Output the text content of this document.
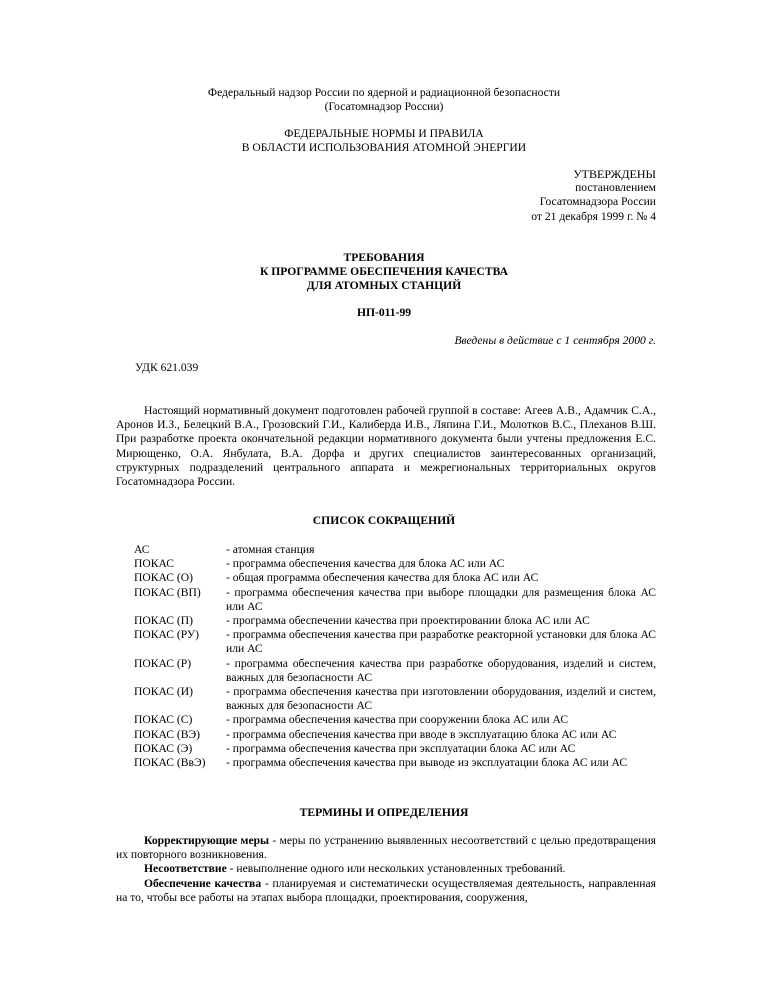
Федеральный надзор России по ядерной и радиационной безопасности

(Госатомнадзор России)

ФЕДЕРАЛЬНЫЕ НОРМЫ И ПРАВИЛА

В ОБЛАСТИ ИСПОЛЬЗОВАНИЯ АТОМНОЙ ЭНЕРГИИ

УТВЕРЖДЕНЫ

постановлением

Госатомнадзора России

от 21 декабря 1999 г. № 4

ТРЕБОВАНИЯ

К ПРОГРАММЕ ОБЕСПЕЧЕНИЯ КАЧЕСТВА

ДЛЯ АТОМНЫХ СТАНЦИЙ

НП-011-99
Введены в действие с 1 сентября 2000 г.
УДК 621.039
Настоящий нормативный документ подготовлен рабочей группой в составе: Агеев А.В., Адамчик С.А., Аронов И.З., Белецкий В.А., Грозовский Г.И., Калиберда И.В., Ляпина Г.И., Молотков В.С., Плеханов В.Ш. При разработке проекта окончательной редакции нормативного документа были учтены предложения Е.С. Мирющенко, О.А. Янбулата, В.А. Дорфа и других специалистов заинтересованных организаций, структурных подразделений центрального аппарата и межрегиональных территориальных округов Госатомнадзора России.
СПИСОК СОКРАЩЕНИЙ
АС	- атомная станция
ПОКАС	- программа обеспечения качества для блока АС или АС
ПОКАС (О)	- общая программа обеспечения качества для блока АС или АС
ПОКАС (ВП)	- программа обеспечения качества при выборе площадки для размещения блока АС или АС
ПОКАС (П)	- программа обеспечении качества при проектировании блока АС или АС
ПОКАС (РУ)	- программа обеспечения качества при разработке реакторной установки для блока АС или АС
ПОКАС (Р)	- программа обеспечения качества при разработке оборудования, изделий и систем, важных для безопасности АС
ПОКАС (И)	- программа обеспечения качества при изготовлении оборудования, изделий и систем, важных для безопасности АС
ПОКАС (С)	- программа обеспечения качества при сооружении блока АС или АС
ПОКАС (ВЭ)	- программа обеспечения качества при вводе в эксплуатацию блока АС или АС
ПОКАС (Э)	- программа обеспечения качества при эксплуатации блока АС или АС
ПОКАС (ВвЭ)	- программа обеспечения качества при выводе из эксплуатации блока АС или АС
ТЕРМИНЫ И ОПРЕДЕЛЕНИЯ

Корректирующие меры - меры по устранению выявленных несоответствий с целью предотвращения их повторного возникновения.

Несоответствие - невыполнение одного или нескольких установленных требований.

Обеспечение качества - планируемая и систематически осуществляемая деятельность, направленная на то, чтобы все работы на этапах выбора площадки, проектирования, сооружения,
